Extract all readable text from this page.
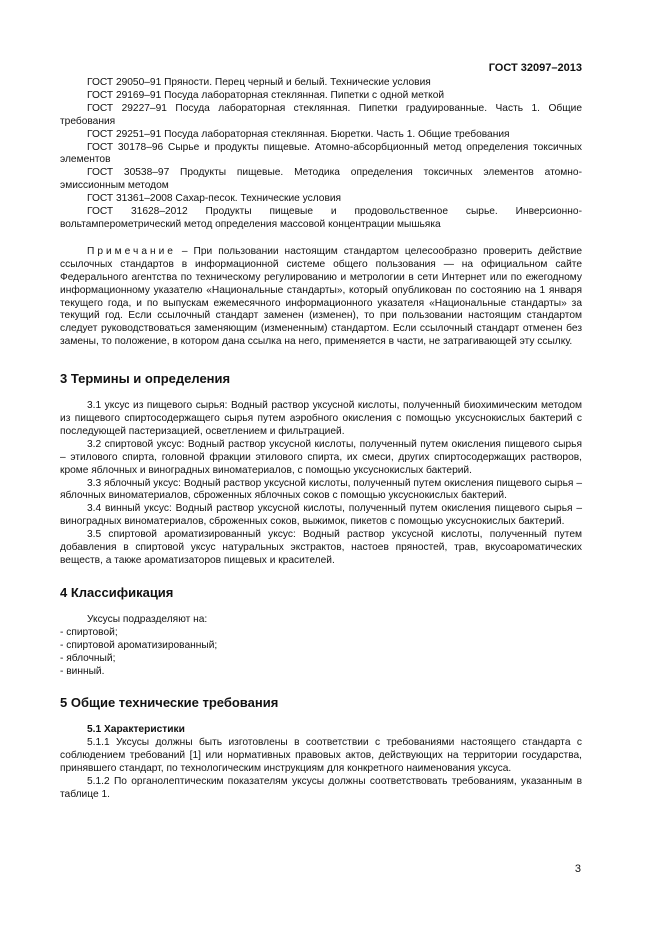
ГОСТ 32097–2013

ГОСТ 29050–91 Пряности. Перец черный и белый. Технические условия

ГОСТ 29169–91 Посуда лабораторная стеклянная. Пипетки с одной меткой

ГОСТ 29227–91 Посуда лабораторная стеклянная. Пипетки градуированные. Часть 1. Общие требования

ГОСТ 29251–91 Посуда лабораторная стеклянная. Бюретки. Часть 1. Общие требования

ГОСТ 30178–96 Сырье и продукты пищевые. Атомно-абсорбционный метод определения токсичных элементов

ГОСТ 30538–97 Продукты пищевые. Методика определения токсичных элементов атомно-эмиссионным методом

ГОСТ 31361–2008 Сахар-песок. Технические условия

ГОСТ 31628–2012 Продукты пищевые и продовольственное сырье. Инверсионно-вольтамперометрический метод определения массовой концентрации мышьяка

Примечание – При пользовании настоящим стандартом целесообразно проверить действие ссылочных стандартов в информационной системе общего пользования — на официальном сайте Федерального агентства по техническому регулированию и метрологии в сети Интернет или по ежегодному информационному указателю «Национальные стандарты», который опубликован по состоянию на 1 января текущего года, и по выпускам ежемесячного информационного указателя «Национальные стандарты» за текущий год. Если ссылочный стандарт заменен (изменен), то при пользовании настоящим стандартом следует руководствоваться заменяющим (измененным) стандартом. Если ссылочный стандарт отменен без замены, то положение, в котором дана ссылка на него, применяется в части, не затрагивающей эту ссылку.

3 Термины и определения

3.1 уксус из пищевого сырья: Водный раствор уксусной кислоты, полученный биохимическим методом из пищевого спиртосодержащего сырья путем аэробного окисления с помощью уксуснокислых бактерий с последующей пастеризацией, осветлением и фильтрацией.

3.2 спиртовой уксус: Водный раствор уксусной кислоты, полученный путем окисления пищевого сырья – этилового спирта, головной фракции этилового спирта, их смеси, других спиртосодержащих растворов, кроме яблочных и виноградных виноматериалов, с помощью уксуснокислых бактерий.

3.3 яблочный уксус: Водный раствор уксусной кислоты, полученный путем окисления пищевого сырья – яблочных виноматериалов, сброженных яблочных соков с помощью уксуснокислых бактерий.

3.4 винный уксус: Водный раствор уксусной кислоты, полученный путем окисления пищевого сырья – виноградных виноматериалов, сброженных соков, выжимок, пикетов с помощью уксуснокислых бактерий.

3.5 спиртовой ароматизированный уксус: Водный раствор уксусной кислоты, полученный путем добавления в спиртовой уксус натуральных экстрактов, настоев пряностей, трав, вкусоароматических веществ, а также ароматизаторов пищевых и красителей.

4 Классификация

Уксусы подразделяют на:

- спиртовой;

- спиртовой ароматизированный;

- яблочный;

- винный.

5 Общие технические требования

5.1 Характеристики

5.1.1 Уксусы должны быть изготовлены в соответствии с требованиями настоящего стандарта с соблюдением требований [1] или нормативных правовых актов, действующих на территории государства, принявшего стандарт, по технологическим инструкциям для конкретного наименования уксуса.

5.1.2 По органолептическим показателям уксусы должны соответствовать требованиям, указанным в таблице 1.

3
